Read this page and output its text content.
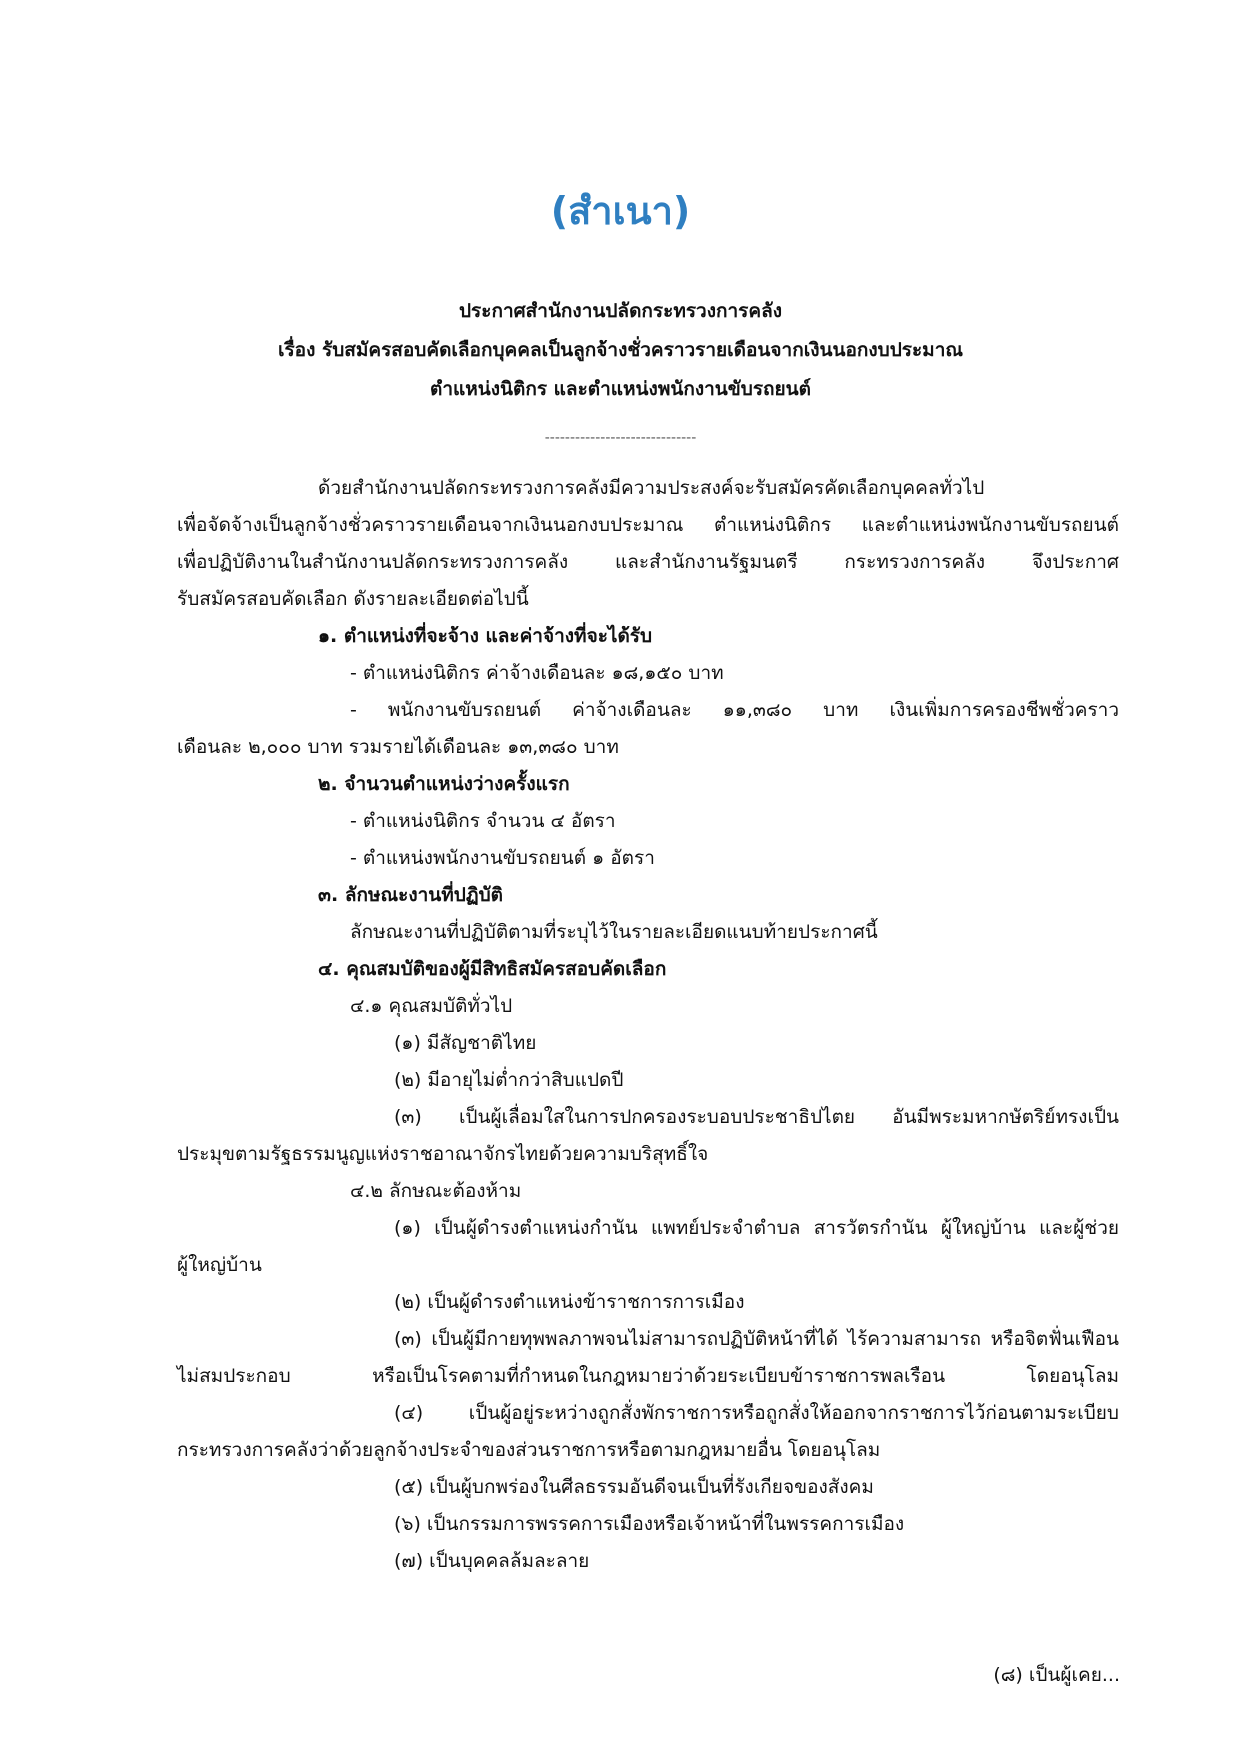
(สำเนา)
ประกาศสำนักงานปลัดกระทรวงการคลัง
เรื่อง รับสมัครสอบคัดเลือกบุคคลเป็นลูกจ้างชั่วคราวรายเดือนจากเงินนอกงบประมาณ
ตำแหน่งนิติกร และตำแหน่งพนักงานขับรถยนต์
------------------------------
ด้วยสำนักงานปลัดกระทรวงการคลังมีความประสงค์จะรับสมัครคัดเลือกบุคคลทั่วไป
เพื่อจัดจ้างเป็นลูกจ้างชั่วคราวรายเดือนจากเงินนอกงบประมาณ ตำแหน่งนิติกร และตำแหน่งพนักงานขับรถยนต์
เพื่อปฏิบัติงานในสำนักงานปลัดกระทรวงการคลัง และสำนักงานรัฐมนตรี กระทรวงการคลัง จึงประกาศ
รับสมัครสอบคัดเลือก ดังรายละเอียดต่อไปนี้
๑. ตำแหน่งที่จะจ้าง และค่าจ้างที่จะได้รับ
- ตำแหน่งนิติกร ค่าจ้างเดือนละ ๑๘,๑๕๐ บาท
- พนักงานขับรถยนต์ ค่าจ้างเดือนละ ๑๑,๓๘๐ บาท เงินเพิ่มการครองชีพชั่วคราว
เดือนละ ๒,๐๐๐ บาท รวมรายได้เดือนละ ๑๓,๓๘๐ บาท
๒. จำนวนตำแหน่งว่างครั้งแรก
- ตำแหน่งนิติกร จำนวน ๔ อัตรา
- ตำแหน่งพนักงานขับรถยนต์ ๑ อัตรา
๓. ลักษณะงานที่ปฏิบัติ
ลักษณะงานที่ปฏิบัติตามที่ระบุไว้ในรายละเอียดแนบท้ายประกาศนี้
๔. คุณสมบัติของผู้มีสิทธิสมัครสอบคัดเลือก
๔.๑ คุณสมบัติทั่วไป
(๑) มีสัญชาติไทย
(๒) มีอายุไม่ต่ำกว่าสิบแปดปี
(๓) เป็นผู้เลื่อมใสในการปกครองระบอบประชาธิปไตย อันมีพระมหากษัตริย์ทรงเป็น
ประมุขตามรัฐธรรมนูญแห่งราชอาณาจักรไทยด้วยความบริสุทธิ์ใจ
๔.๒ ลักษณะต้องห้าม
(๑) เป็นผู้ดำรงตำแหน่งกำนัน แพทย์ประจำตำบล สารวัตรกำนัน ผู้ใหญ่บ้าน และผู้ช่วย
ผู้ใหญ่บ้าน
(๒) เป็นผู้ดำรงตำแหน่งข้าราชการการเมือง
(๓) เป็นผู้มีกายทุพพลภาพจนไม่สามารถปฏิบัติหน้าที่ได้ ไร้ความสามารถ หรือจิตฟั่นเฟือน
ไม่สมประกอบ หรือเป็นโรคตามที่กำหนดในกฎหมายว่าด้วยระเบียบข้าราชการพลเรือน โดยอนุโลม
(๔) เป็นผู้อยู่ระหว่างถูกสั่งพักราชการหรือถูกสั่งให้ออกจากราชการไว้ก่อนตามระเบียบ
กระทรวงการคลังว่าด้วยลูกจ้างประจำของส่วนราชการหรือตามกฎหมายอื่น โดยอนุโลม
(๕) เป็นผู้บกพร่องในศีลธรรมอันดีจนเป็นที่รังเกียจของสังคม
(๖) เป็นกรรมการพรรคการเมืองหรือเจ้าหน้าที่ในพรรคการเมือง
(๗) เป็นบุคคลล้มละลาย
(๘) เป็นผู้เคย...
